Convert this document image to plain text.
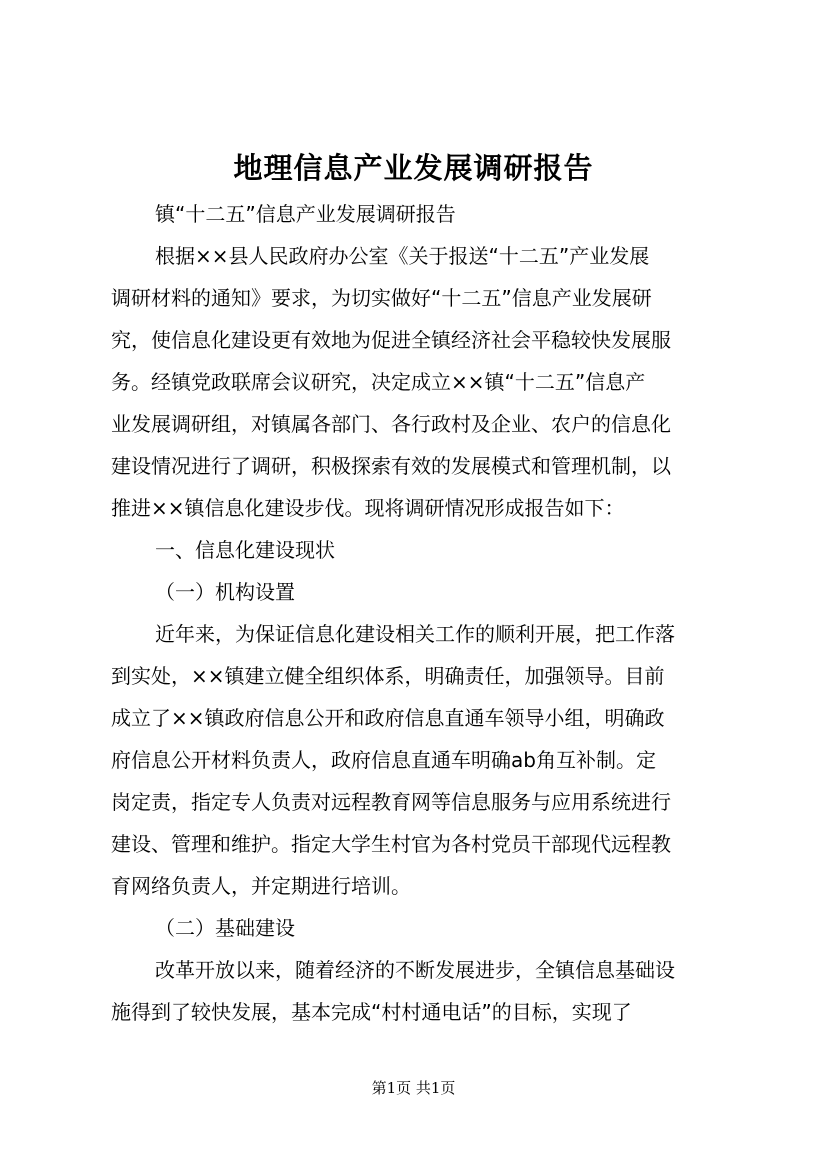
地理信息产业发展调研报告
镇“十二五”信息产业发展调研报告
根据××县人民政府办公室《关于报送“十二五”产业发展
调研材料的通知》要求，为切实做好“十二五”信息产业发展研
究，使信息化建设更有效地为促进全镇经济社会平稳较快发展服
务。经镇党政联席会议研究，决定成立××镇“十二五”信息产
业发展调研组，对镇属各部门、各行政村及企业、农户的信息化
建设情况进行了调研，积极探索有效的发展模式和管理机制，以
推进××镇信息化建设步伐。现将调研情况形成报告如下：
一、信息化建设现状
（一）机构设置
近年来，为保证信息化建设相关工作的顺利开展，把工作落
到实处，××镇建立健全组织体系，明确责任，加强领导。目前
成立了××镇政府信息公开和政府信息直通车领导小组，明确政
府信息公开材料负责人，政府信息直通车明确ab角互补制。定
岗定责，指定专人负责对远程教育网等信息服务与应用系统进行
建设、管理和维护。指定大学生村官为各村党员干部现代远程教
育网络负责人，并定期进行培训。
（二）基础建设
改革开放以来，随着经济的不断发展进步，全镇信息基础设
施得到了较快发展，基本完成“村村通电话”的目标，实现了
第1页 共1页
